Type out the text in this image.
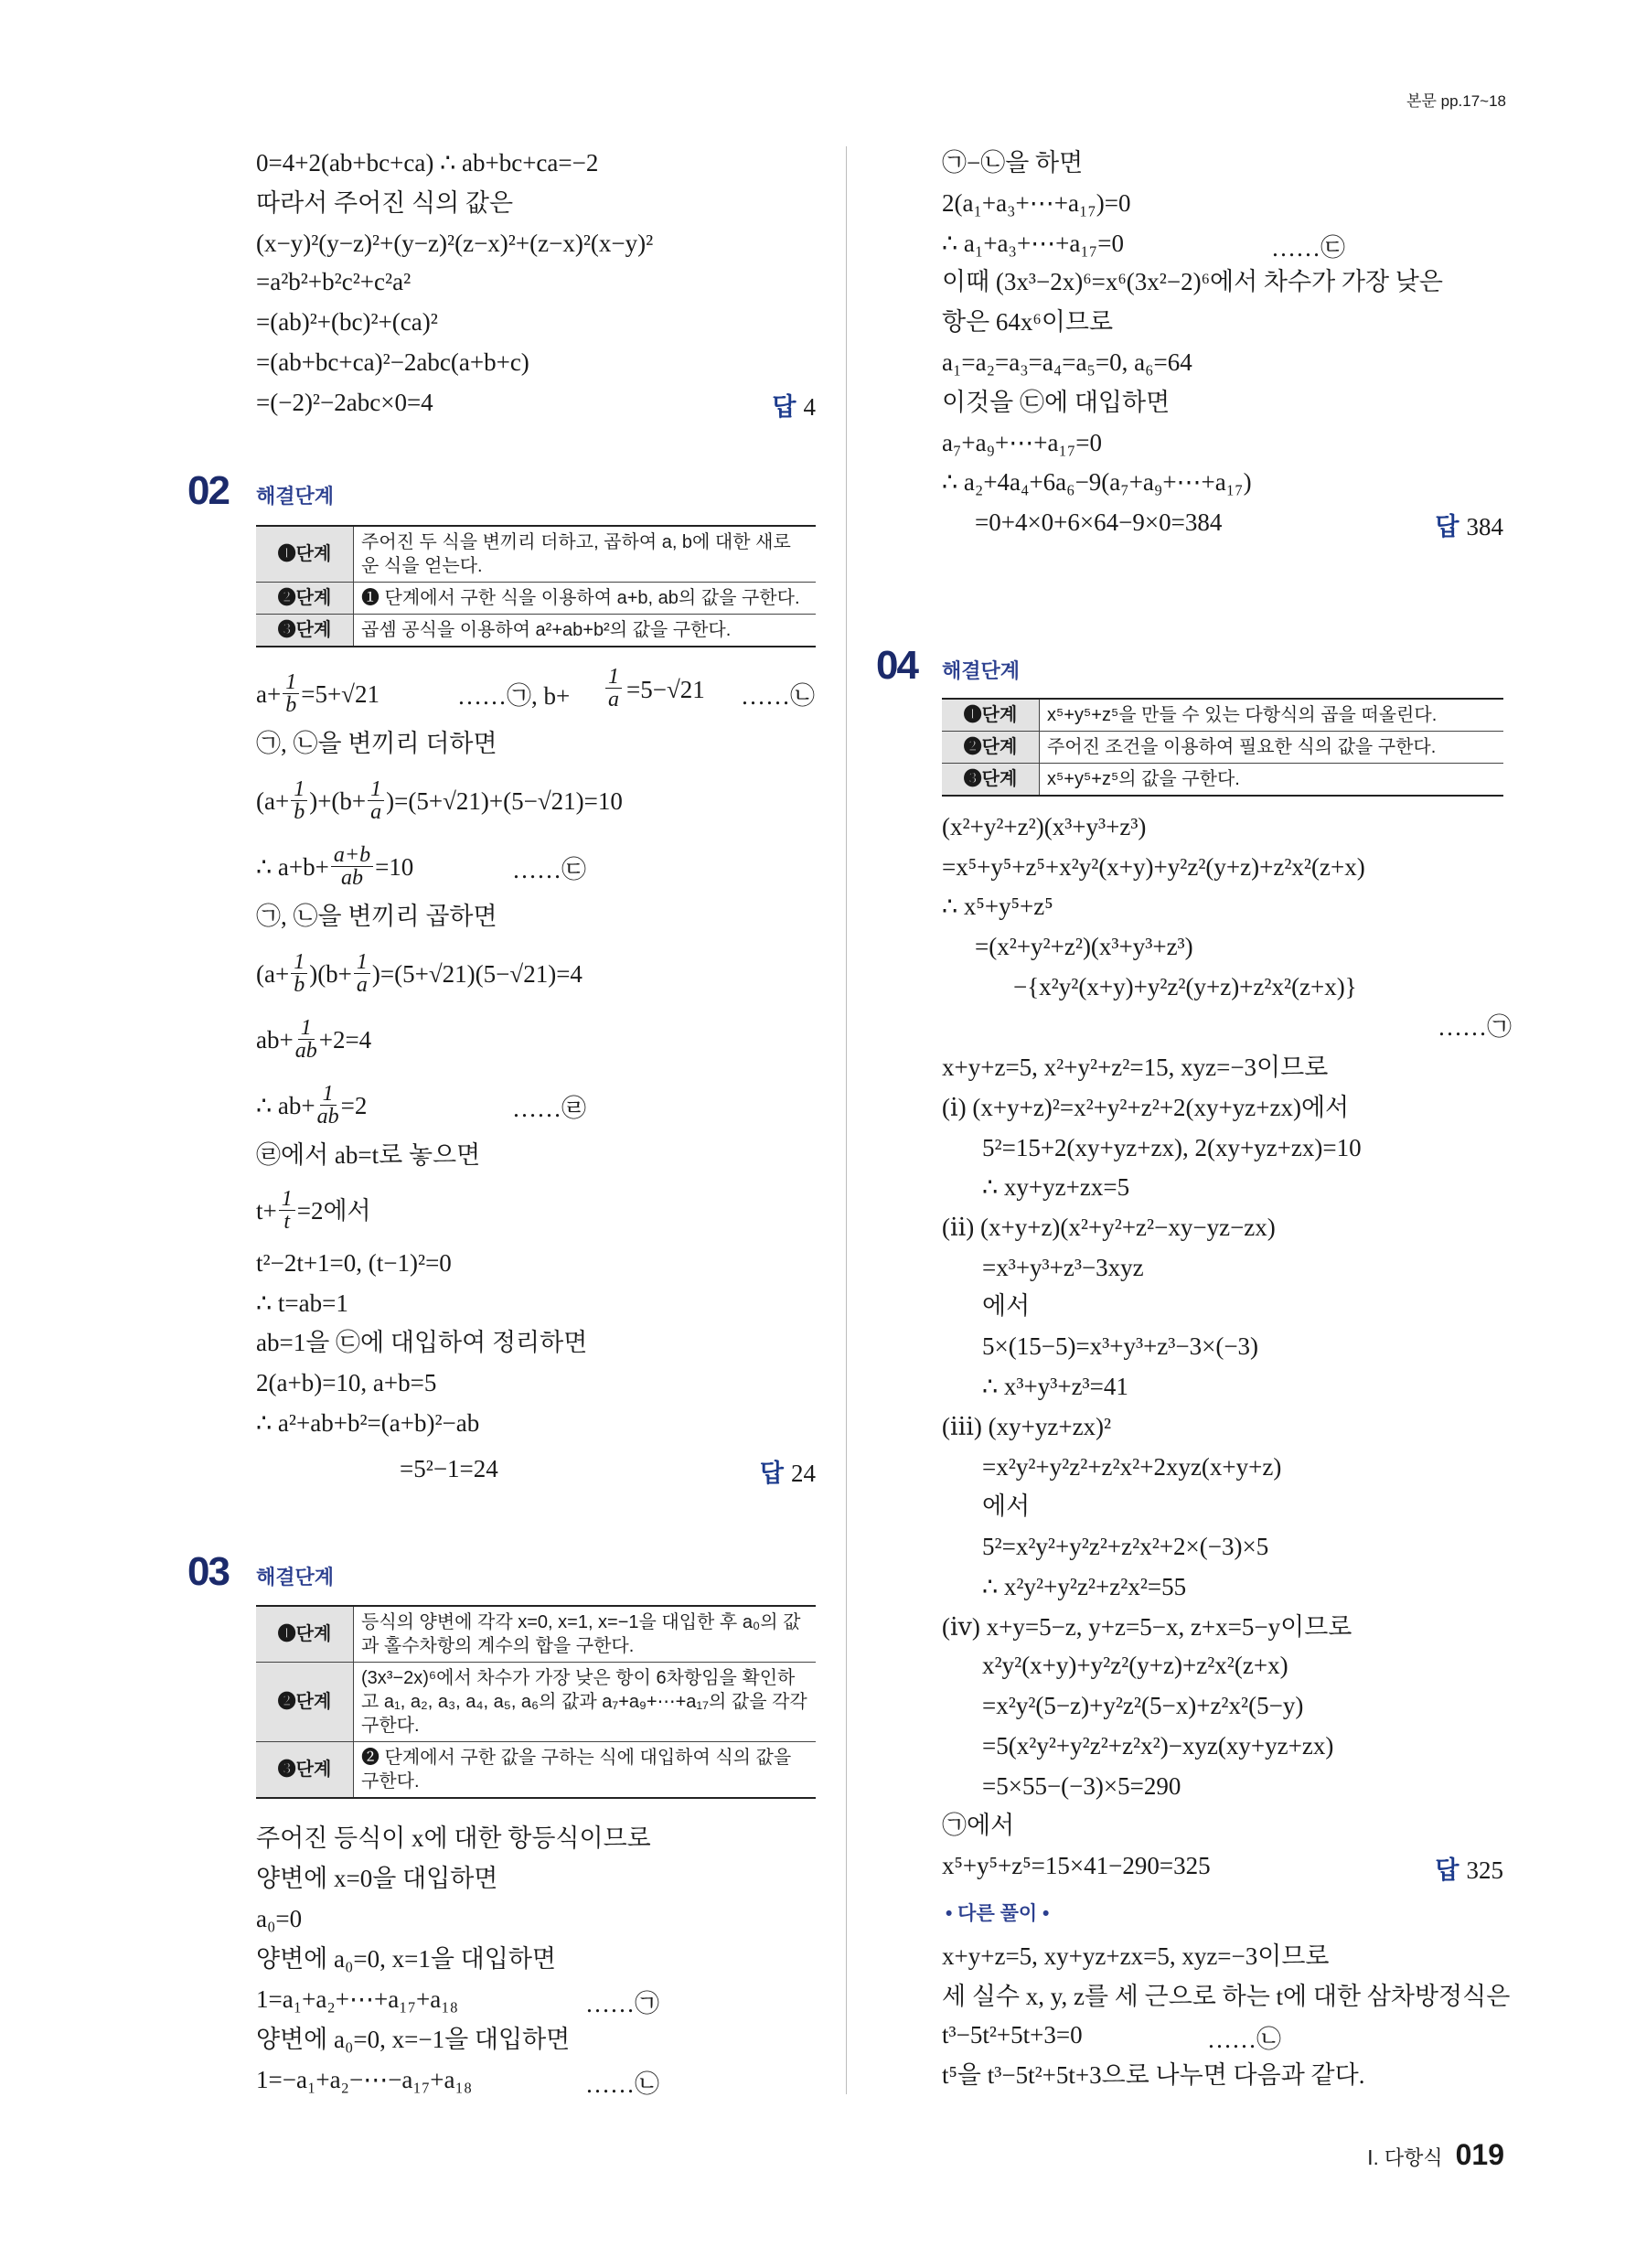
본문 pp.17~18
0=4+2(ab+bc+ca) ∴ ab+bc+ca=−2
따라서 주어진 식의 값은
(x−y)²(y−z)²+(y−z)²(z−x)²+(z−x)²(x−y)²
=a²b²+b²c²+c²a²
=(ab)²+(bc)²+(ca)²
=(ab+bc+ca)²−2abc(a+b+c)
=(−2)²−2abc×0=4	답 4
02 해결단계
❶단계	주어진 두 식을 변끼리 더하고, 곱하여 a, b에 대한 새로운 식을 얻는다.
❷단계	❶ 단계에서 구한 식을 이용하여 a+b, ab의 값을 구한다.
❸단계	곱셈 공식을 이용하여 a²+ab+b²의 값을 구한다.
$a+ \frac{1}{b} =5+√21$
㉠, ㉡을 변끼리 더하면
$(a+ \frac{1}{b} )+(b+ \frac{1}{a} )=(5+√21)+(5-√21)=10$
∴ $a+b+ \frac{a+b}{ab} =10$
㉠, ㉡을 변끼리 곱하면
$(a+ \frac{1}{b} )(b+ \frac{1}{a} )=(5+√21)(5-√21)=4$
$ab+ \frac{1}{ab} +2=4$
∴ $ab+ \frac{1}{ab} =2$
㉣에서 ab=t로 놓으면
$t+ \frac{1}{t} =2$에서
t²−2t+1=0, (t−1)²=0
∴ t=ab=1
ab=1을 ㉢에 대입하여 정리하면
2(a+b)=10, a+b=5
∴ a²+ab+b²=(a+b)²−ab
=5²−1=24
……㉠, $b+ \frac{1}{a} =5-√21$ ……㉡
……㉢
……㉣
답 24
03 해결단계
❶단계	등식의 양변에 각각 x=0, x=1, x=−1을 대입한 후 a₀의 값과 홀수차항의 계수의 합을 구한다.
❷단계	(3x³−2x)⁶에서 차수가 가장 낮은 항이 6차항임을 확인하고 a₁, a₂, a₃, a₄, a₅, a₆의 값과 a₇+a₉+⋯+a₁₇의 값을 각각 구한다.
❸단계	❷ 단계에서 구한 값을 구하는 식에 대입하여 식의 값을 구한다.
주어진 등식이 x에 대한 항등식이므로
양변에 x=0을 대입하면
a₀=0
양변에 a₀=0, x=1을 대입하면
1=a₁+a₂+⋯+a₁₇+a₁₈
양변에 a₀=0, x=−1을 대입하면
1=−a₁+a₂−⋯−a₁₇+a₁₈
……㉠
……㉡
㉠−㉡을 하면
2(a₁+a₃+⋯+a₁₇)=0
∴ a₁+a₃+⋯+a₁₇=0
이때 (3x³−2x)⁶=x⁶(3x²−2)⁶에서 차수가 가장 낮은
항은 64x⁶이므로
a₁=a₂=a₃=a₄=a₅=0, a₆=64
이것을 ㉢에 대입하면
a₇+a₉+⋯+a₁₇=0
∴ a₂+4a₄+6a₆−9(a₇+a₉+⋯+a₁₇)
=0+4×0+6×64−9×0=384
……㉢
답 384
04 해결단계
❶단계	x⁵+y⁵+z⁵을 만들 수 있는 다항식의 곱을 떠올린다.
❷단계	주어진 조건을 이용하여 필요한 식의 값을 구한다.
❸단계	x⁵+y⁵+z⁵의 값을 구한다.
(x²+y²+z²)(x³+y³+z³)
=x⁵+y⁵+z⁵+x²y²(x+y)+y²z²(y+z)+z²x²(z+x)
∴ x⁵+y⁵+z⁵
=(x²+y²+z²)(x³+y³+z³)
−{x²y²(x+y)+y²z²(y+z)+z²x²(z+x)}
……㉠
x+y+z=5, x²+y²+z²=15, xyz=−3이므로
(ⅰ) (x+y+z)²=x²+y²+z²+2(xy+yz+zx)에서
5²=15+2(xy+yz+zx), 2(xy+yz+zx)=10
∴ xy+yz+zx=5
(ⅱ) (x+y+z)(x²+y²+z²−xy−yz−zx)
=x³+y³+z³−3xyz
에서
5×(15−5)=x³+y³+z³−3×(−3)
∴ x³+y³+z³=41
(ⅲ) (xy+yz+zx)²
=x²y²+y²z²+z²x²+2xyz(x+y+z)
에서
5²=x²y²+y²z²+z²x²+2×(−3)×5
∴ x²y²+y²z²+z²x²=55
(ⅳ) x+y=5−z, y+z=5−x, z+x=5−y이므로
x²y²(x+y)+y²z²(y+z)+z²x²(z+x)
=x²y²(5−z)+y²z²(5−x)+z²x²(5−y)
=5(x²y²+y²z²+z²x²)−xyz(xy+yz+zx)
=5×55−(−3)×5=290
㉠에서
x⁵+y⁵+z⁵=15×41−290=325	답 325
• 다른 풀이 •
x+y+z=5, xy+yz+zx=5, xyz=−3이므로
세 실수 x, y, z를 세 근으로 하는 t에 대한 삼차방정식은
t³−5t²+5t+3=0
t⁵을 t³−5t²+5t+3으로 나누면 다음과 같다.
……㉡
Ⅰ. 다항식 019
